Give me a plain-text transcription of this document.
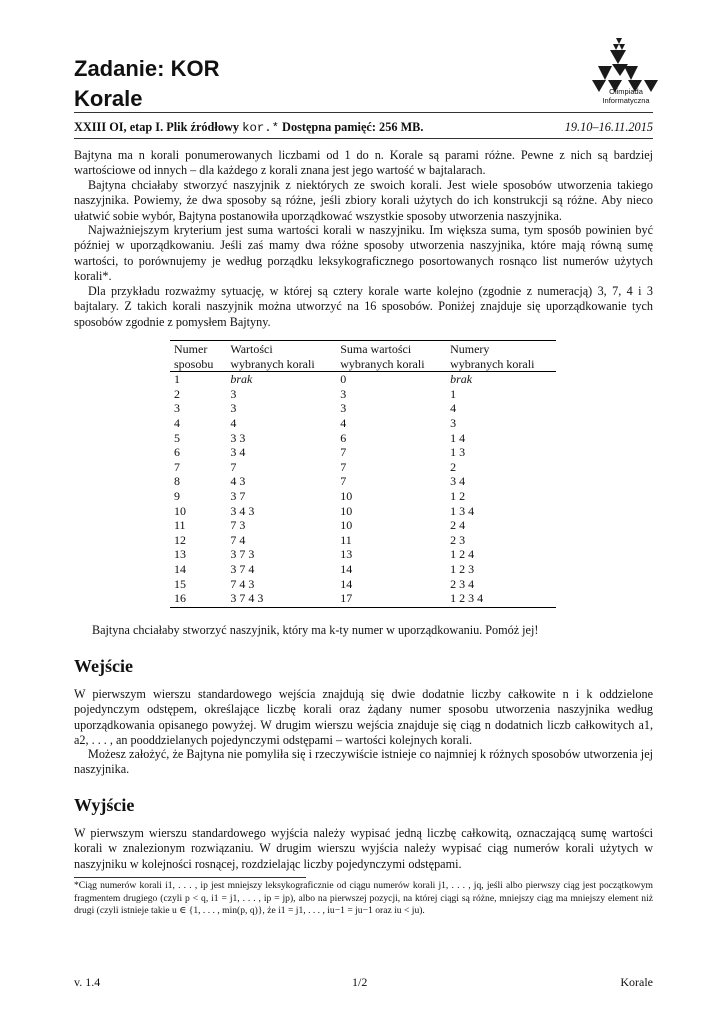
Zadanie: KOR
Korale	Olimpiada
Informatyczna
XXIII OI, etap I. Plik źródłowy kor.* Dostępna pamięć: 256 MB.	19.10–16.11.2015
Bajtyna ma n korali ponumerowanych liczbami od 1 do n. Korale są parami różne. Pewne z nich są bardziej wartościowe od innych – dla każdego z korali znana jest jego wartość w bajtalarach.
Bajtyna chciałaby stworzyć naszyjnik z niektórych ze swoich korali. Jest wiele sposobów utworzenia takiego naszyjnika. Powiemy, że dwa sposoby są różne, jeśli zbiory korali użytych do ich konstrukcji są różne. Aby nieco ułatwić sobie wybór, Bajtyna postanowiła uporządkować wszystkie sposoby utworzenia naszyjnika.
Najważniejszym kryterium jest suma wartości korali w naszyjniku. Im większa suma, tym sposób powinien być później w uporządkowaniu. Jeśli zaś mamy dwa różne sposoby utworzenia naszyjnika, które mają równą sumę wartości, to porównujemy je według porządku leksykograficznego posortowanych rosnąco list numerów użytych korali*.
Dla przykładu rozważmy sytuację, w której są cztery korale warte kolejno (zgodnie z numeracją) 3, 7, 4 i 3 bajtalary. Z takich korali naszyjnik można utworzyć na 16 sposobów. Poniżej znajduje się uporządkowanie tych sposobów zgodnie z pomysłem Bajtyny.
Numer	Wartości	Suma wartości	Numery
sposobu	wybranych korali	wybranych korali	wybranych korali
1	brak	0	brak
2	3	3	1
3	3	3	4
4	4	4	3
5	3 3	6	1 4
6	3 4	7	1 3
7	7	7	2
8	4 3	7	3 4
9	3 7	10	1 2
10	3 4 3	10	1 3 4
11	7 3	10	2 4
12	7 4	11	2 3
13	3 7 3	13	1 2 4
14	3 7 4	14	1 2 3
15	7 4 3	14	2 3 4
16	3 7 4 3	17	1 2 3 4
Bajtyna chciałaby stworzyć naszyjnik, który ma k-ty numer w uporządkowaniu. Pomóż jej!
Wejście
W pierwszym wierszu standardowego wejścia znajdują się dwie dodatnie liczby całkowite n i k oddzielone pojedynczym odstępem, określające liczbę korali oraz żądany numer sposobu utworzenia naszyjnika według uporządkowania opisanego powyżej. W drugim wierszu wejścia znajduje się ciąg n dodatnich liczb całkowitych a1, a2, . . . , an pooddzielanych pojedynczymi odstępami – wartości kolejnych korali.
Możesz założyć, że Bajtyna nie pomyliła się i rzeczywiście istnieje co najmniej k różnych sposobów utworzenia jej naszyjnika.
Wyjście
W pierwszym wierszu standardowego wyjścia należy wypisać jedną liczbę całkowitą, oznaczającą sumę wartości korali w znalezionym rozwiązaniu. W drugim wierszu wyjścia należy wypisać ciąg numerów korali użytych w naszyjniku w kolejności rosnącej, rozdzielając liczby pojedynczymi odstępami.
*Ciąg numerów korali i1, . . . , ip jest mniejszy leksykograficznie od ciągu numerów korali j1, . . . , jq, jeśli albo pierwszy ciąg jest początkowym fragmentem drugiego (czyli p < q, i1 = j1, . . . , ip = jp), albo na pierwszej pozycji, na której ciągi są różne, mniejszy ciąg ma mniejszy element niż drugi (czyli istnieje takie u ∈ {1, . . . , min(p, q)}, że i1 = j1, . . . , iu−1 = ju−1 oraz iu < ju).
v. 1.4	1/2	Korale
